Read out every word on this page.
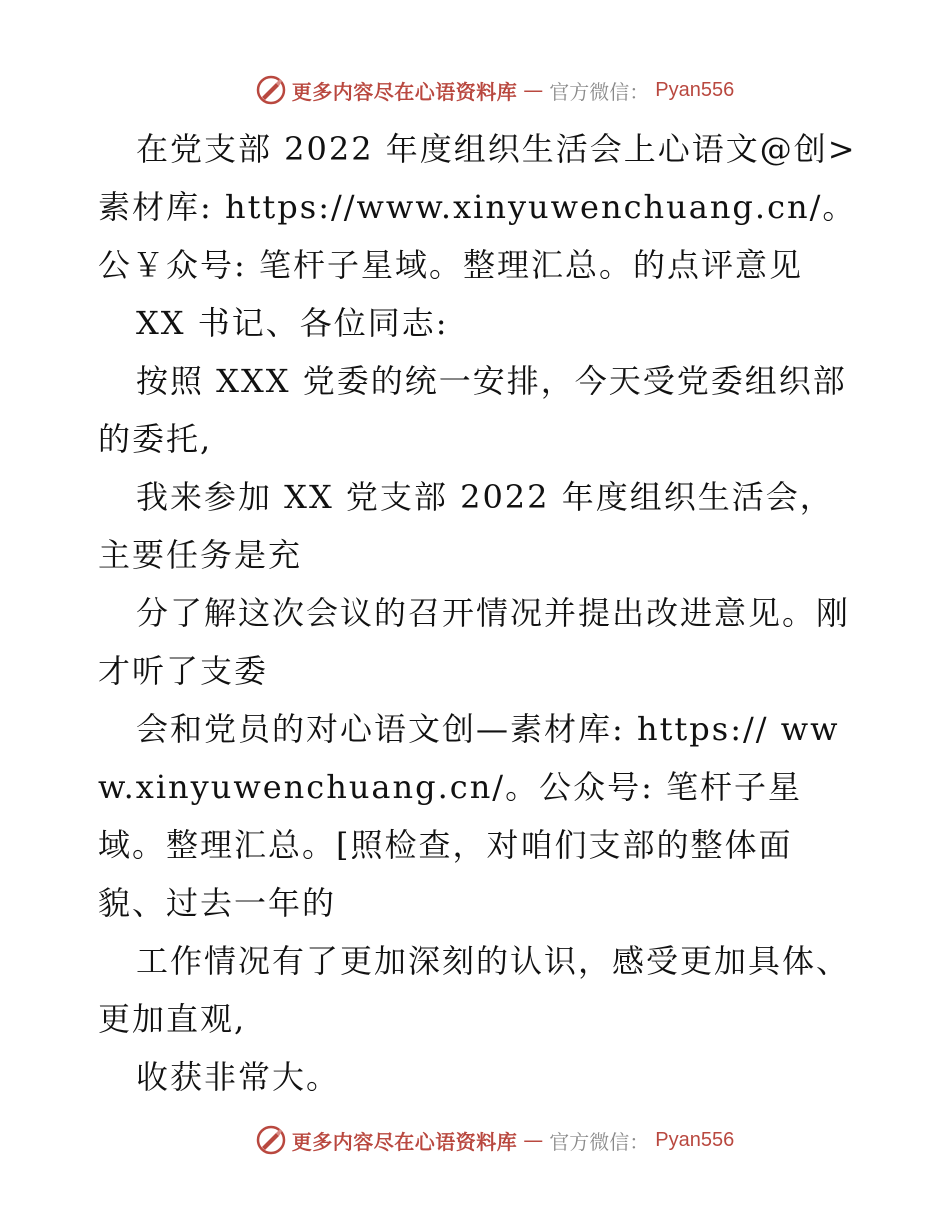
更多内容尽在心语资料库 — 官方微信： Pyan556

在党支部 2022 年度组织生活会上心语文@创>素材库: https://www.xinyuwenchuang.cn/。公￥众号: 笔杆子星域。整理汇总。的点评意见

XX 书记、各位同志:

按照 XXX 党委的统一安排，今天受党委组织部的委托,

我来参加 XX 党支部 2022 年度组织生活会，主要任务是充

分了解这次会议的召开情况并提出改进意见。刚才听了支委

会和党员的对心语文创—素材库: https:// www.xinyuwenchuang.cn/。公众号: 笔杆子星域。整理汇总。[照检查，对咱们支部的整体面貌、过去一年的

工作情况有了更加深刻的认识，感受更加具体、更加直观,

收获非常大。

更多内容尽在心语资料库 — 官方微信： Pyan556
